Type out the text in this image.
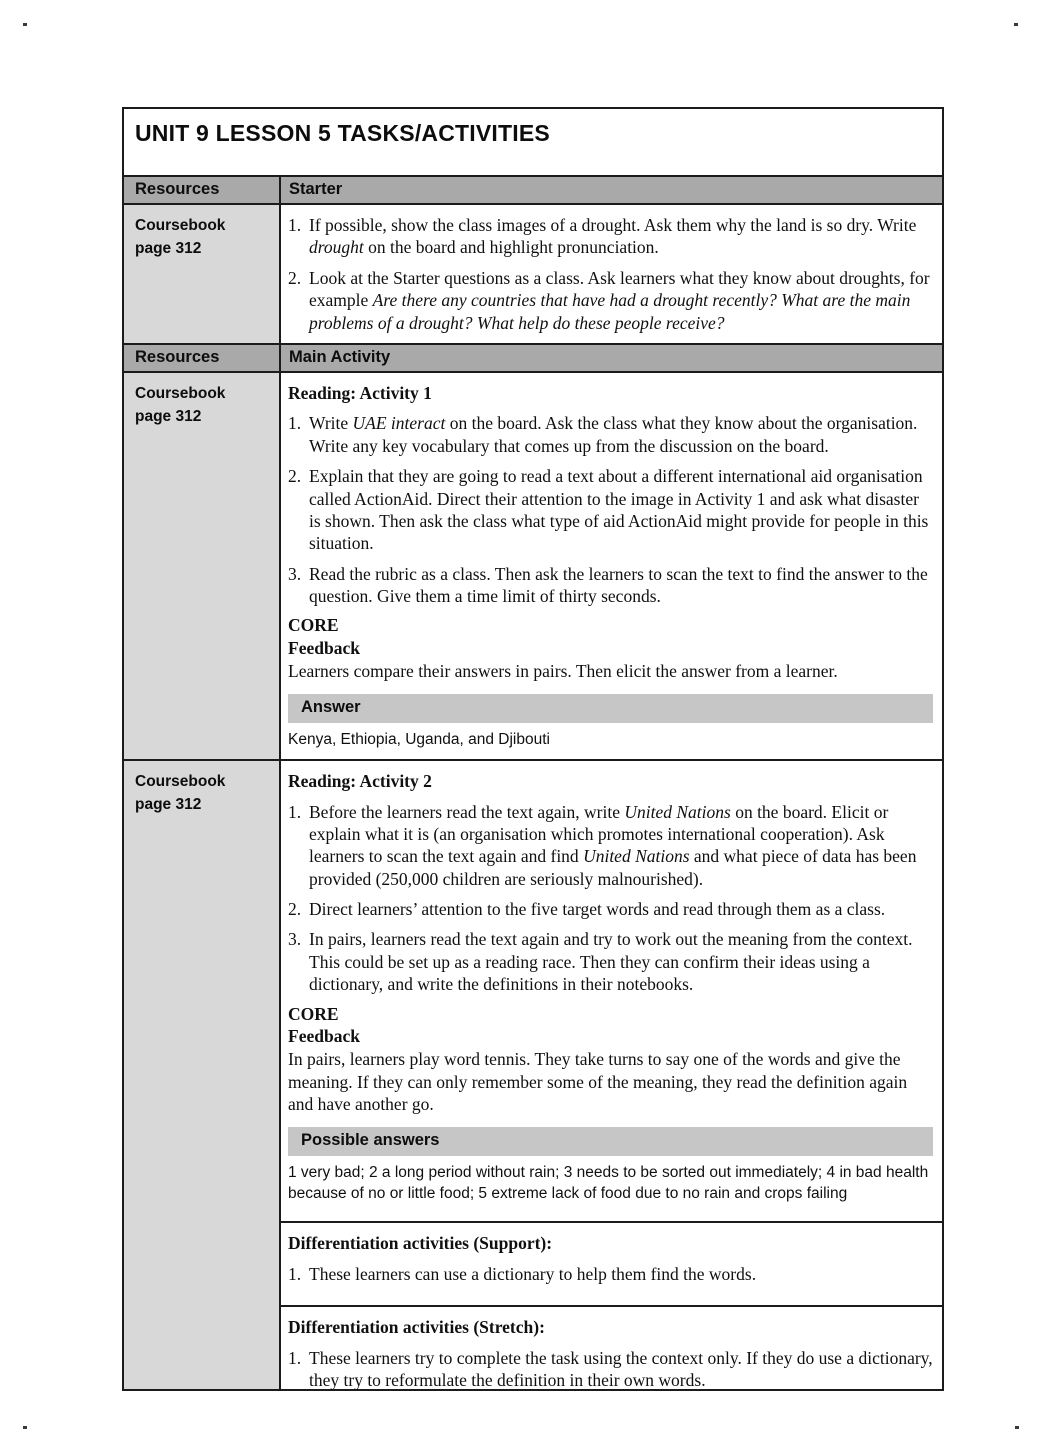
UNIT 9 LESSON 5 TASKS/ACTIVITIES
Resources	Starter
Coursebook
page 312
1. If possible, show the class images of a drought. Ask them why the land is so dry. Write drought on the board and highlight pronunciation.
2. Look at the Starter questions as a class. Ask learners what they know about droughts, for example Are there any countries that have had a drought recently? What are the main problems of a drought? What help do these people receive?
Resources	Main Activity
Coursebook
page 312
Reading: Activity 1
1. Write UAE interact on the board. Ask the class what they know about the organisation. Write any key vocabulary that comes up from the discussion on the board.
2. Explain that they are going to read a text about a different international aid organisation called ActionAid. Direct their attention to the image in Activity 1 and ask what disaster is shown. Then ask the class what type of aid ActionAid might provide for people in this situation.
3. Read the rubric as a class. Then ask the learners to scan the text to find the answer to the question. Give them a time limit of thirty seconds.
CORE
Feedback
Learners compare their answers in pairs. Then elicit the answer from a learner.
Answer
Kenya, Ethiopia, Uganda, and Djibouti
Coursebook
page 312
Reading: Activity 2
1. Before the learners read the text again, write United Nations on the board. Elicit or explain what it is (an organisation which promotes international cooperation). Ask learners to scan the text again and find United Nations and what piece of data has been provided (250,000 children are seriously malnourished).
2. Direct learners’ attention to the five target words and read through them as a class.
3. In pairs, learners read the text again and try to work out the meaning from the context. This could be set up as a reading race. Then they can confirm their ideas using a dictionary, and write the definitions in their notebooks.
CORE
Feedback
In pairs, learners play word tennis. They take turns to say one of the words and give the meaning. If they can only remember some of the meaning, they read the definition again and have another go.
Possible answers
1 very bad; 2 a long period without rain; 3 needs to be sorted out immediately; 4 in bad health because of no or little food; 5 extreme lack of food due to no rain and crops failing
Differentiation activities (Support):
1. These learners can use a dictionary to help them find the words.
Differentiation activities (Stretch):
1. These learners try to complete the task using the context only. If they do use a dictionary, they try to reformulate the definition in their own words.
